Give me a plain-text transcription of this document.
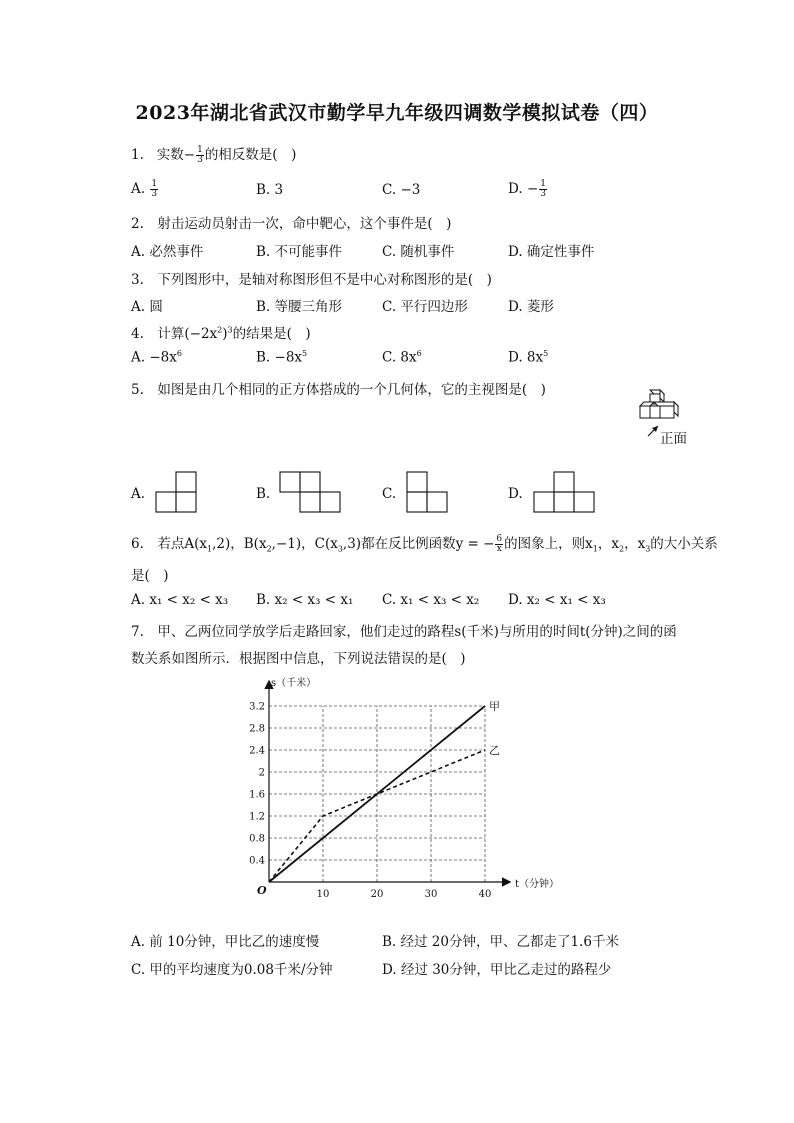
2023年湖北省武汉市勤学早九年级四调数学模拟试卷（四）
1. 实数− $\frac{1}{3}$ 的相反数是(　)
A. $\frac{1}{3}$	B. 3	C. −3	D. − $\frac{1}{3}$
2.　射击运动员射击一次，命中靶心，这个事件是(　)
A. 必然事件	B. 不可能事件	C. 随机事件	D. 确定性事件
3.　下列图形中，是轴对称图形但不是中心对称图形的是(　)
A. 圆	B. 等腰三角形	C. 平行四边形	D. 菱形
4.　计算$(-2x^2)^3$的结果是(　)
A. $-8x^6$	B. $-8x^5$	C. $8x^6$	D. $8x^5$
5.　如图是由几个相同的正方体搭成的一个几何体，它的主视图是(　)
正面
A.	B.	C.	D.
6.　若点$A(x_1,2)$，$B(x_2,-1)$，$C(x_3,3)$都在反比例函数y = − $\frac{6}{x}$ 的图象上，则$x_1$，$x_2$，$x_3$的大小关系
是(　)
A. x₁ < x₂ < x₃ B. x₂ < x₃ < x₁ C. x₁ < x₃ < x₂ D. x₂ < x₁ < x₃
7.　甲、乙两位同学放学后走路回家，他们走过的路程s(千米)与所用的时间t(分钟)之间的函
数关系如图所示．根据图中信息，下列说法错误的是(　)
0.4
0.8
1.2
1.6
2
2.4
2.8
3.2
10	20	30	40
s（千米）
t（分钟）
O
甲
乙
A. 前 10分钟，甲比乙的速度慢	B. 经过 20分钟，甲、乙都走了1.6千米
C. 甲的平均速度为0.08千米/分钟	D. 经过 30分钟，甲比乙走过的路程少
